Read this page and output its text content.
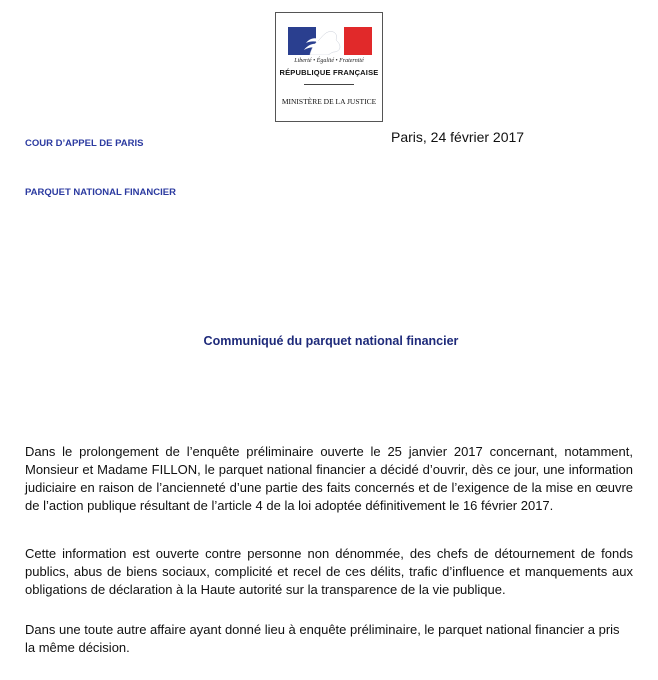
Liberté • Égalité • Fraternité
RÉPUBLIQUE FRANÇAISE
MINISTÈRE DE LA JUSTICE
Paris, 24 février 2017
COUR D’APPEL DE PARIS
PARQUET NATIONAL FINANCIER
Communiqué du parquet national financier

Dans le prolongement de l’enquête préliminaire ouverte le 25 janvier 2017 concernant, notamment, Monsieur et Madame FILLON, le parquet national financier a décidé d’ouvrir, dès ce jour, une information judiciaire en raison de l’ancienneté d’une partie des faits concernés et de l’exigence de la mise en œuvre de l’action publique résultant de l’article 4 de la loi adoptée définitivement le 16 février 2017.

Cette information est ouverte contre personne non dénommée, des chefs de détournement de fonds publics, abus de biens sociaux, complicité et recel de ces délits, trafic d’influence et manquements aux obligations de déclaration à la Haute autorité sur la transparence de la vie publique.

Dans une toute autre affaire ayant donné lieu à enquête préliminaire, le parquet national financier a pris la même décision.
